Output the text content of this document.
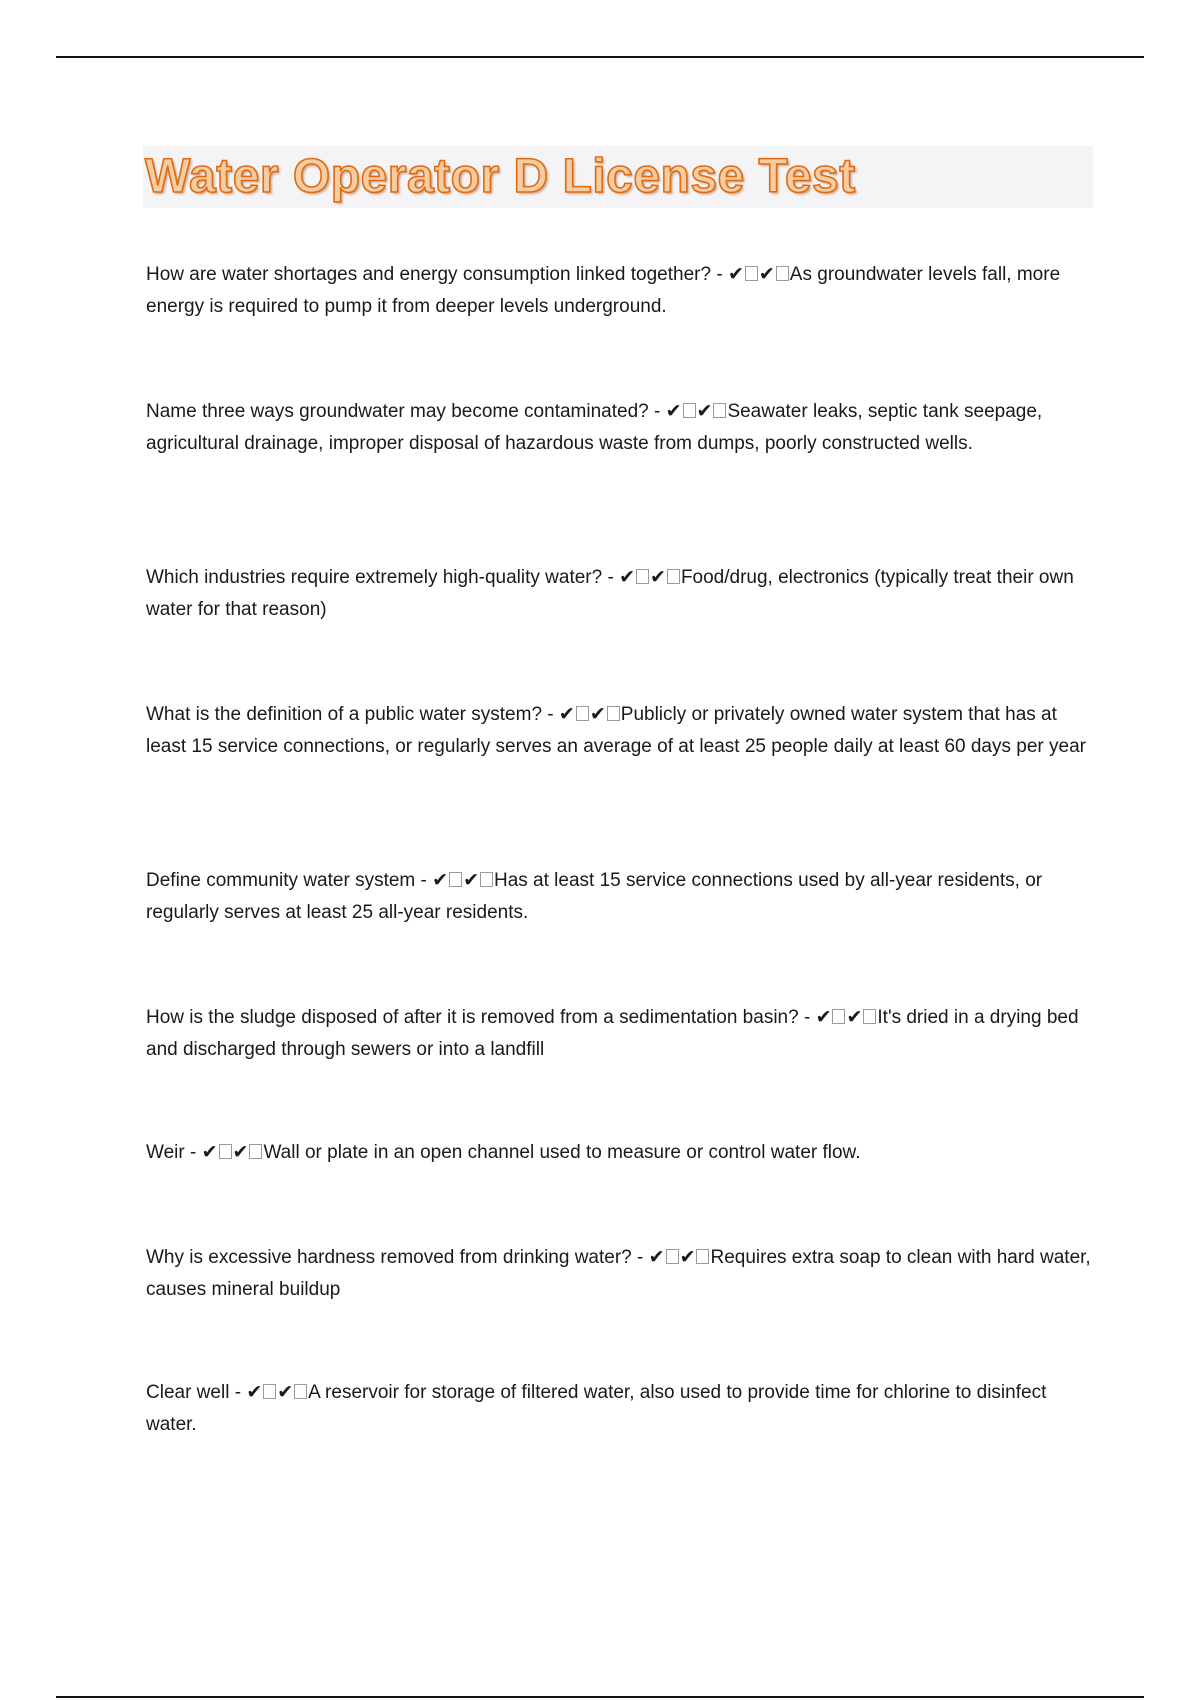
Water Operator D License Test
How are water shortages and energy consumption linked together? - ✔ ✔ As groundwater levels fall, more energy is required to pump it from deeper levels underground.
Name three ways groundwater may become contaminated? - ✔ ✔ Seawater leaks, septic tank seepage, agricultural drainage, improper disposal of hazardous waste from dumps, poorly constructed wells.
Which industries require extremely high-quality water? - ✔ ✔ Food/drug, electronics (typically treat their own water for that reason)
What is the definition of a public water system? - ✔ ✔ Publicly or privately owned water system that has at least 15 service connections, or regularly serves an average of at least 25 people daily at least 60 days per year
Define community water system - ✔ ✔ Has at least 15 service connections used by all-year residents, or regularly serves at least 25 all-year residents.
How is the sludge disposed of after it is removed from a sedimentation basin? - ✔ ✔ It's dried in a drying bed and discharged through sewers or into a landfill
Weir - ✔ ✔ Wall or plate in an open channel used to measure or control water flow.
Why is excessive hardness removed from drinking water? - ✔ ✔ Requires extra soap to clean with hard water, causes mineral buildup
Clear well - ✔ ✔ A reservoir for storage of filtered water, also used to provide time for chlorine to disinfect water.
